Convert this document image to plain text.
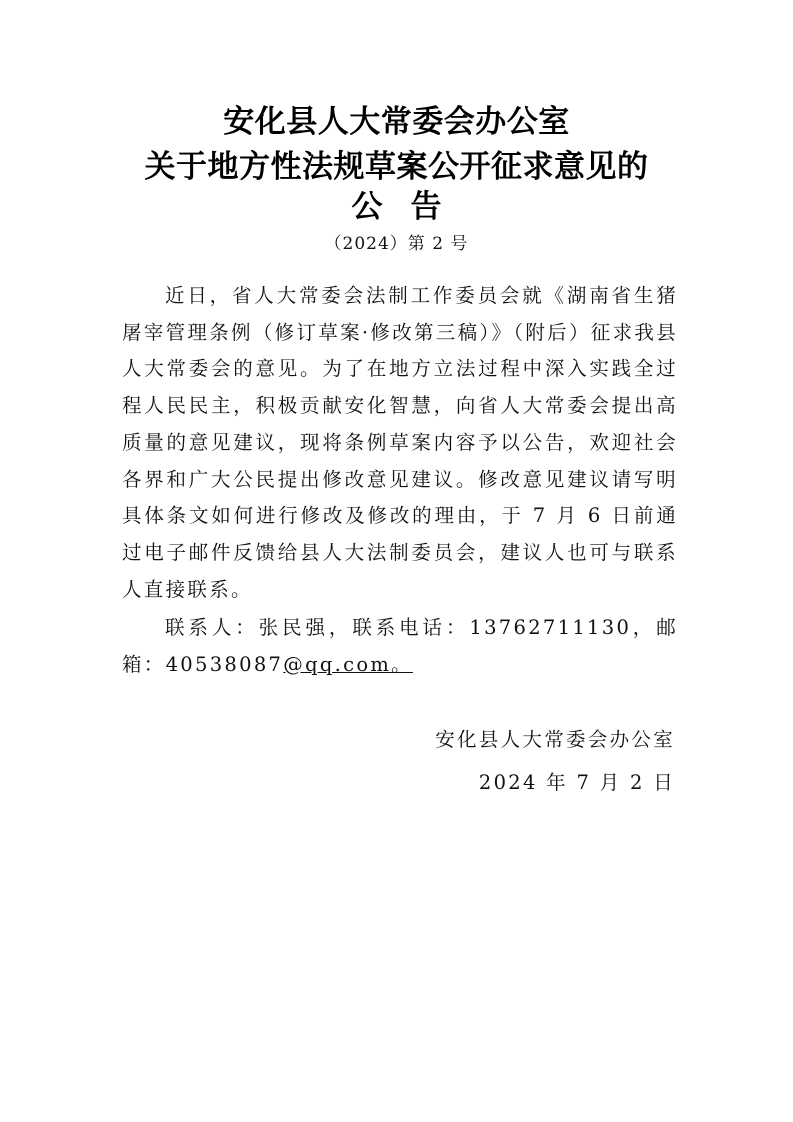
安化县人大常委会办公室
关于地方性法规草案公开征求意见的
公告
（2024）第 2 号
近日，省人大常委会法制工作委员会就《湖南省生猪屠宰管理条例（修订草案·修改第三稿）》（附后）征求我县人大常委会的意见。为了在地方立法过程中深入实践全过程人民民主，积极贡献安化智慧，向省人大常委会提出高质量的意见建议，现将条例草案内容予以公告，欢迎社会各界和广大公民提出修改意见建议。修改意见建议请写明具体条文如何进行修改及修改的理由，于 7 月 6 日前通过电子邮件反馈给县人大法制委员会，建议人也可与联系人直接联系。
联系人：张民强，联系电话：13762711130，邮箱：40538087@qq.com。
安化县人大常委会办公室
2024 年 7 月 2 日
